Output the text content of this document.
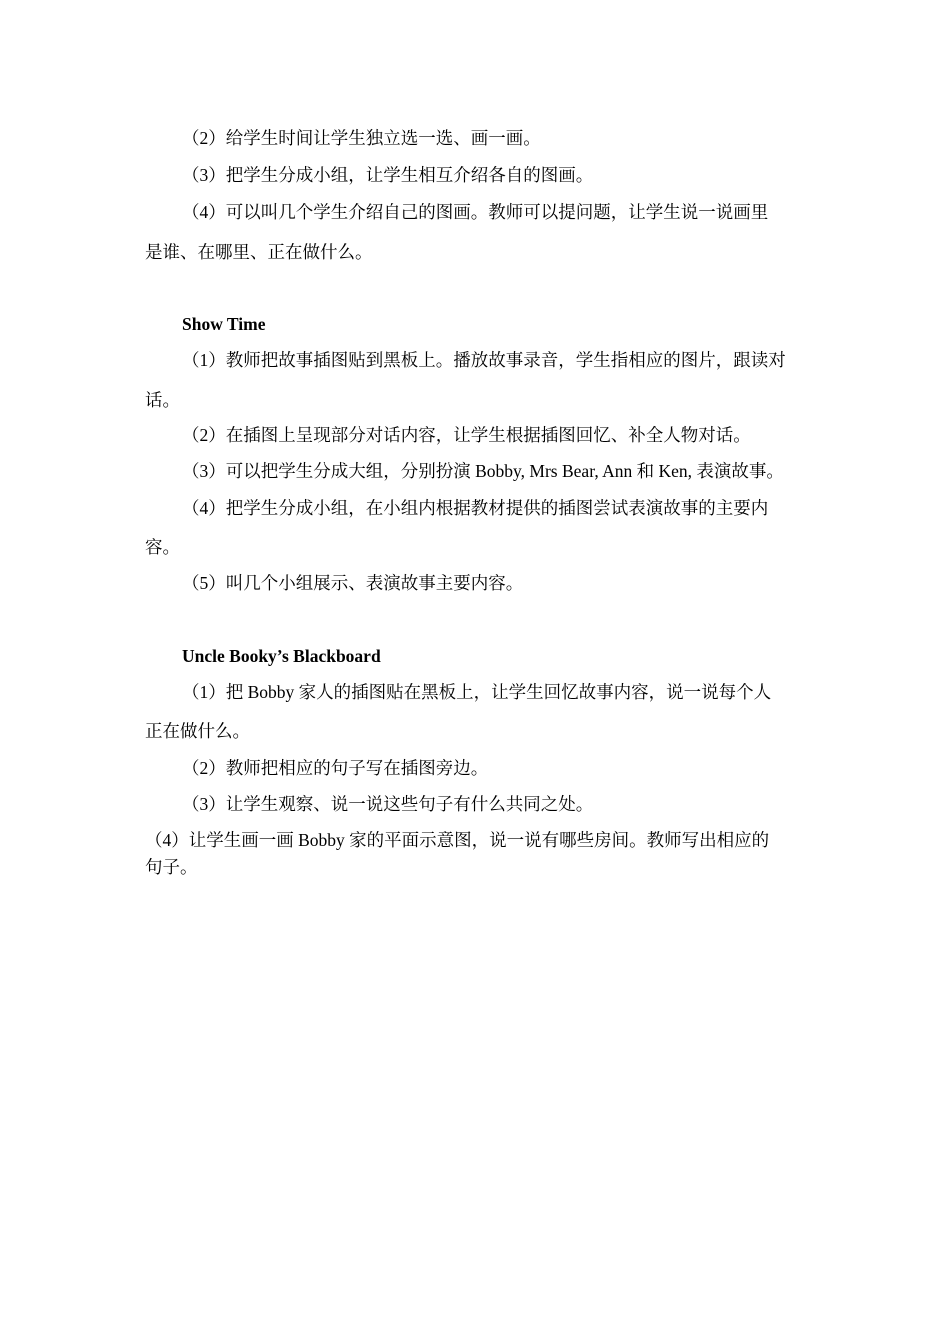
（2）给学生时间让学生独立选一选、画一画。
（3）把学生分成小组，让学生相互介绍各自的图画。
（4）可以叫几个学生介绍自己的图画。教师可以提问题，让学生说一说画里
是谁、在哪里、正在做什么。
Show Time
（1）教师把故事插图贴到黑板上。播放故事录音，学生指相应的图片，跟读对
话。
（2）在插图上呈现部分对话内容，让学生根据插图回忆、补全人物对话。
（3）可以把学生分成大组，分别扮演 Bobby, Mrs Bear, Ann 和 Ken, 表演故事。
（4）把学生分成小组，在小组内根据教材提供的插图尝试表演故事的主要内
容。
（5）叫几个小组展示、表演故事主要内容。
Uncle Booky’s Blackboard
（1）把 Bobby 家人的插图贴在黑板上，让学生回忆故事内容，说一说每个人
正在做什么。
（2）教师把相应的句子写在插图旁边。
（3）让学生观察、说一说这些句子有什么共同之处。
（4）让学生画一画 Bobby 家的平面示意图，说一说有哪些房间。教师写出相应的
句子。
